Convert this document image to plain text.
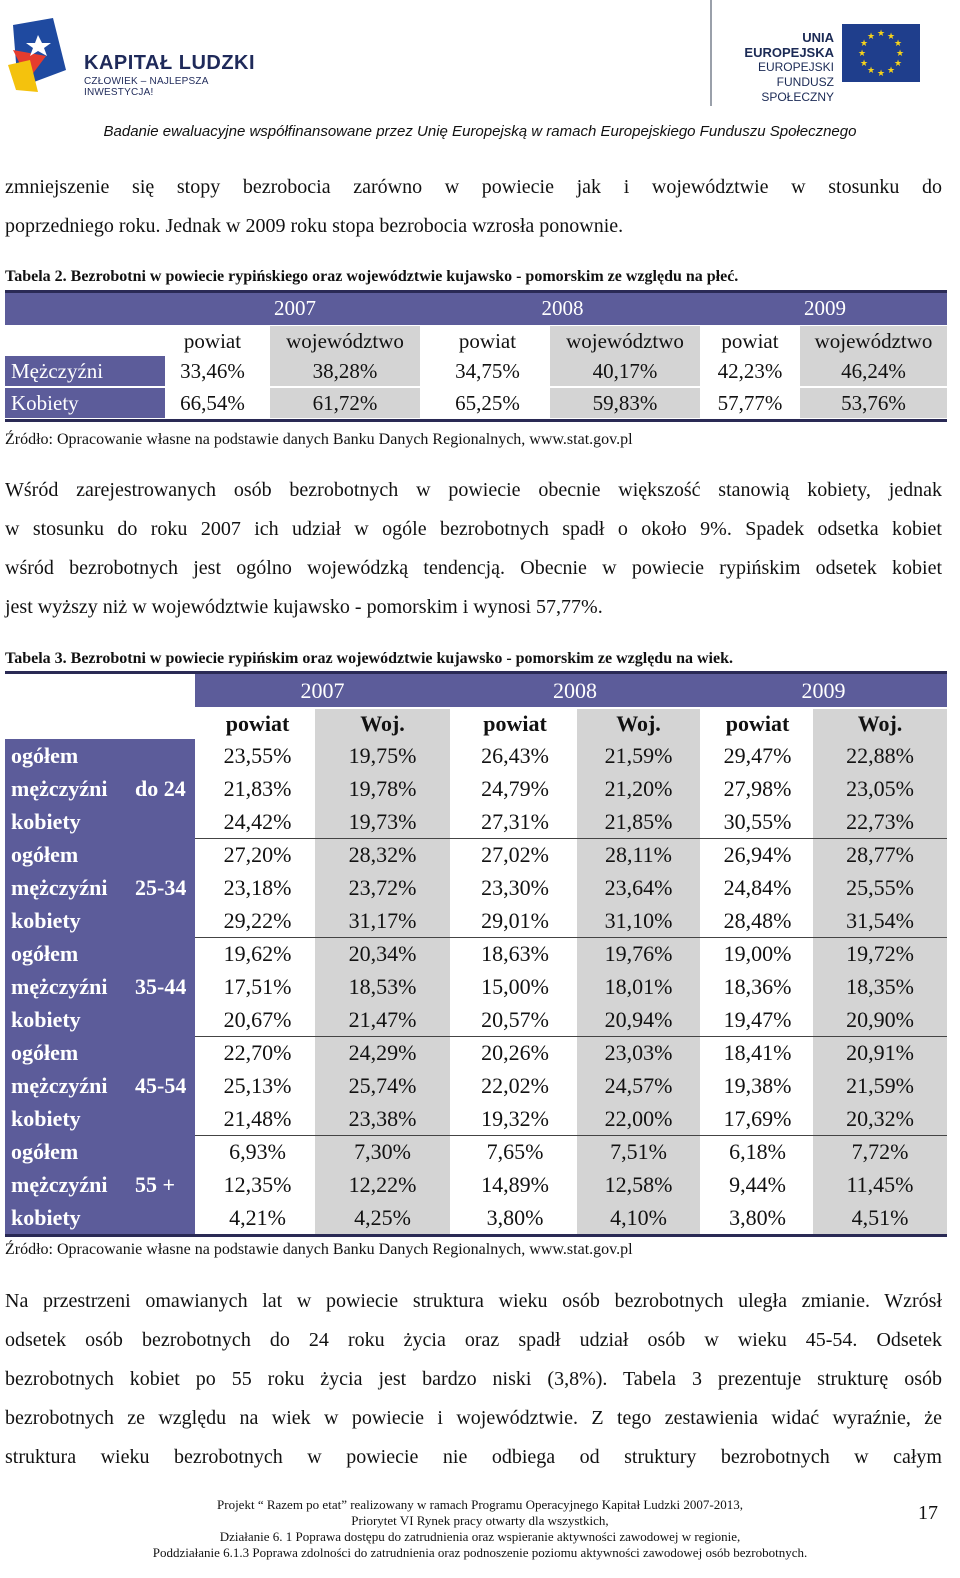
KAPITAŁ LUDZKI
CZŁOWIEK – NAJLEPSZA INWESTYCJA!
UNIA EUROPEJSKA
EUROPEJSKI
FUNDUSZ SPOŁECZNY
★ ★
★
★
★
★
★
★
★
★
★
★
Badanie ewaluacyjne współfinansowane przez Unię Europejską w ramach Europejskiego Funduszu Społecznego
zmniejszenie się stopy bezrobocia zarówno w powiecie jak i województwie w stosunku do
poprzedniego roku. Jednak w 2009 roku stopa bezrobocia wzrosła ponownie.
Tabela 2. Bezrobotni w powiecie rypińskiego oraz województwie kujawsko - pomorskim ze względu na płeć.
2007	2008	2009
powiat	województwo	powiat	województwo	powiat	województwo
Mężczyźni	33,46%	38,28%	34,75%	40,17%	42,23%	46,24%
Kobiety	66,54%	61,72%	65,25%	59,83%	57,77%	53,76%
Źródło: Opracowanie własne na podstawie danych Banku Danych Regionalnych, www.stat.gov.pl
Wśród zarejestrowanych osób bezrobotnych w powiecie obecnie większość stanowią kobiety, jednak
w stosunku do roku 2007 ich udział w ogóle bezrobotnych spadł o około 9%. Spadek odsetka kobiet
wśród bezrobotnych jest ogólno wojewódzką tendencją. Obecnie w powiecie rypińskim odsetek kobiet
jest wyższy niż w województwie kujawsko - pomorskim i wynosi 57,77%.
Tabela 3. Bezrobotni w powiecie rypińskim oraz województwie kujawsko - pomorskim ze względu na wiek.
2007	2008	2009
powiat	Woj.	powiat	Woj.	powiat	Woj.
ogółem	23,55%	19,75%	26,43%	21,59%	29,47%	22,88%
mężczyźni do 24	21,83%	19,78%	24,79%	21,20%	27,98%	23,05%
kobiety	24,42%	19,73%	27,31%	21,85%	30,55%	22,73%
ogółem	27,20%	28,32%	27,02%	28,11%	26,94%	28,77%
mężczyźni 25-34	23,18%	23,72%	23,30%	23,64%	24,84%	25,55%
kobiety	29,22%	31,17%	29,01%	31,10%	28,48%	31,54%
ogółem	19,62%	20,34%	18,63%	19,76%	19,00%	19,72%
mężczyźni 35-44	17,51%	18,53%	15,00%	18,01%	18,36%	18,35%
kobiety	20,67%	21,47%	20,57%	20,94%	19,47%	20,90%
ogółem	22,70%	24,29%	20,26%	23,03%	18,41%	20,91%
mężczyźni 45-54	25,13%	25,74%	22,02%	24,57%	19,38%	21,59%
kobiety	21,48%	23,38%	19,32%	22,00%	17,69%	20,32%
ogółem	6,93%	7,30%	7,65%	7,51%	6,18%	7,72%
mężczyźni 55 +	12,35%	12,22%	14,89%	12,58%	9,44%	11,45%
kobiety	4,21%	4,25%	3,80%	4,10%	3,80%	4,51%
Źródło: Opracowanie własne na podstawie danych Banku Danych Regionalnych, www.stat.gov.pl
Na przestrzeni omawianych lat w powiecie struktura wieku osób bezrobotnych uległa zmianie. Wzrósł
odsetek osób bezrobotnych do 24 roku życia oraz spadł udział osób w wieku 45-54. Odsetek
bezrobotnych kobiet po 55 roku życia jest bardzo niski (3,8%). Tabela 3 prezentuje strukturę osób
bezrobotnych ze względu na wiek w powiecie i województwie. Z tego zestawienia widać wyraźnie, że
struktura wieku bezrobotnych w powiecie nie odbiega od struktury bezrobotnych w całym
Projekt “ Razem po etat” realizowany w ramach Programu Operacyjnego Kapitał Ludzki 2007-2013,
Priorytet VI Rynek pracy otwarty dla wszystkich,
Działanie 6. 1 Poprawa dostępu do zatrudnienia oraz wspieranie aktywności zawodowej w regionie,
Poddziałanie 6.1.3 Poprawa zdolności do zatrudnienia oraz podnoszenie poziomu aktywności zawodowej osób bezrobotnych.
17
